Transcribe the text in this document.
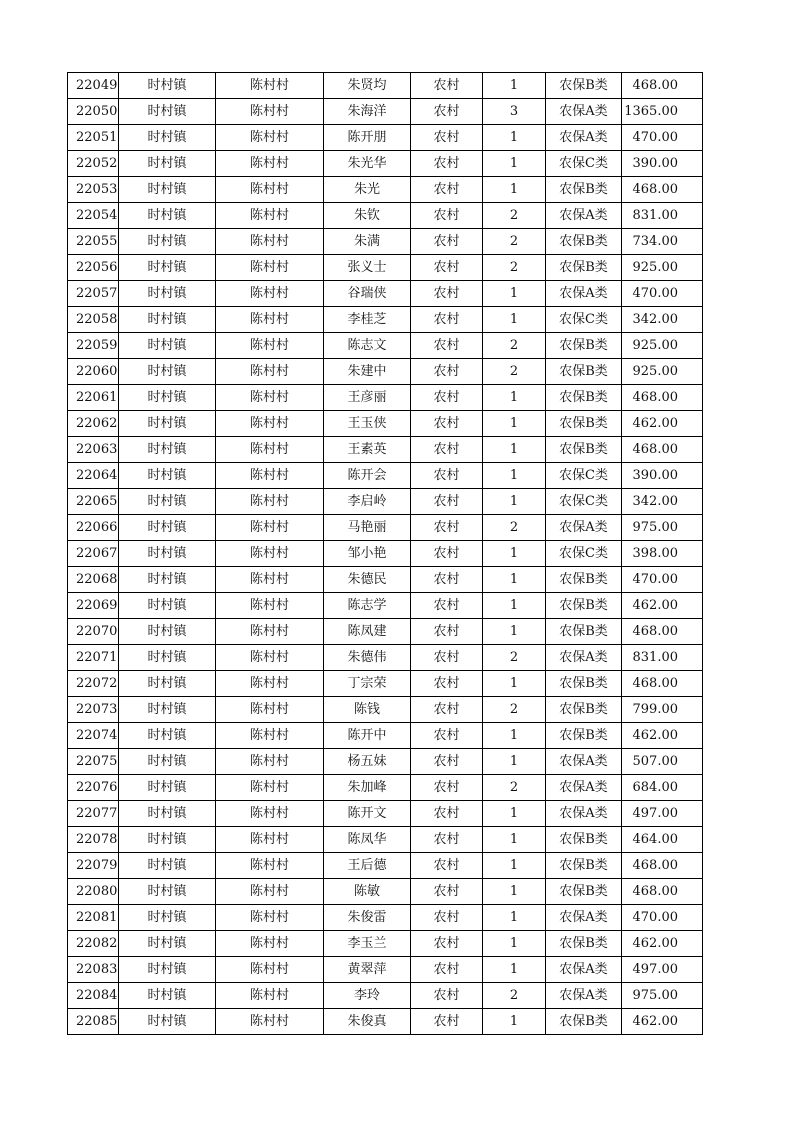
22049	时村镇	陈村村	朱贤均	农村	1	农保B类	468.00
22050	时村镇	陈村村	朱海洋	农村	3	农保A类	1365.00
22051	时村镇	陈村村	陈开朋	农村	1	农保A类	470.00
22052	时村镇	陈村村	朱光华	农村	1	农保C类	390.00
22053	时村镇	陈村村	朱光	农村	1	农保B类	468.00
22054	时村镇	陈村村	朱钦	农村	2	农保A类	831.00
22055	时村镇	陈村村	朱满	农村	2	农保B类	734.00
22056	时村镇	陈村村	张义士	农村	2	农保B类	925.00
22057	时村镇	陈村村	谷瑞侠	农村	1	农保A类	470.00
22058	时村镇	陈村村	李桂芝	农村	1	农保C类	342.00
22059	时村镇	陈村村	陈志文	农村	2	农保B类	925.00
22060	时村镇	陈村村	朱建中	农村	2	农保B类	925.00
22061	时村镇	陈村村	王彦丽	农村	1	农保B类	468.00
22062	时村镇	陈村村	王玉侠	农村	1	农保B类	462.00
22063	时村镇	陈村村	王素英	农村	1	农保B类	468.00
22064	时村镇	陈村村	陈开会	农村	1	农保C类	390.00
22065	时村镇	陈村村	李启岭	农村	1	农保C类	342.00
22066	时村镇	陈村村	马艳丽	农村	2	农保A类	975.00
22067	时村镇	陈村村	邹小艳	农村	1	农保C类	398.00
22068	时村镇	陈村村	朱德民	农村	1	农保B类	470.00
22069	时村镇	陈村村	陈志学	农村	1	农保B类	462.00
22070	时村镇	陈村村	陈凤建	农村	1	农保B类	468.00
22071	时村镇	陈村村	朱德伟	农村	2	农保A类	831.00
22072	时村镇	陈村村	丁宗荣	农村	1	农保B类	468.00
22073	时村镇	陈村村	陈钱	农村	2	农保B类	799.00
22074	时村镇	陈村村	陈开中	农村	1	农保B类	462.00
22075	时村镇	陈村村	杨五妹	农村	1	农保A类	507.00
22076	时村镇	陈村村	朱加峰	农村	2	农保A类	684.00
22077	时村镇	陈村村	陈开文	农村	1	农保A类	497.00
22078	时村镇	陈村村	陈凤华	农村	1	农保B类	464.00
22079	时村镇	陈村村	王后德	农村	1	农保B类	468.00
22080	时村镇	陈村村	陈敏	农村	1	农保B类	468.00
22081	时村镇	陈村村	朱俊雷	农村	1	农保A类	470.00
22082	时村镇	陈村村	李玉兰	农村	1	农保B类	462.00
22083	时村镇	陈村村	黄翠萍	农村	1	农保A类	497.00
22084	时村镇	陈村村	李玲	农村	2	农保A类	975.00
22085	时村镇	陈村村	朱俊真	农村	1	农保B类	462.00
